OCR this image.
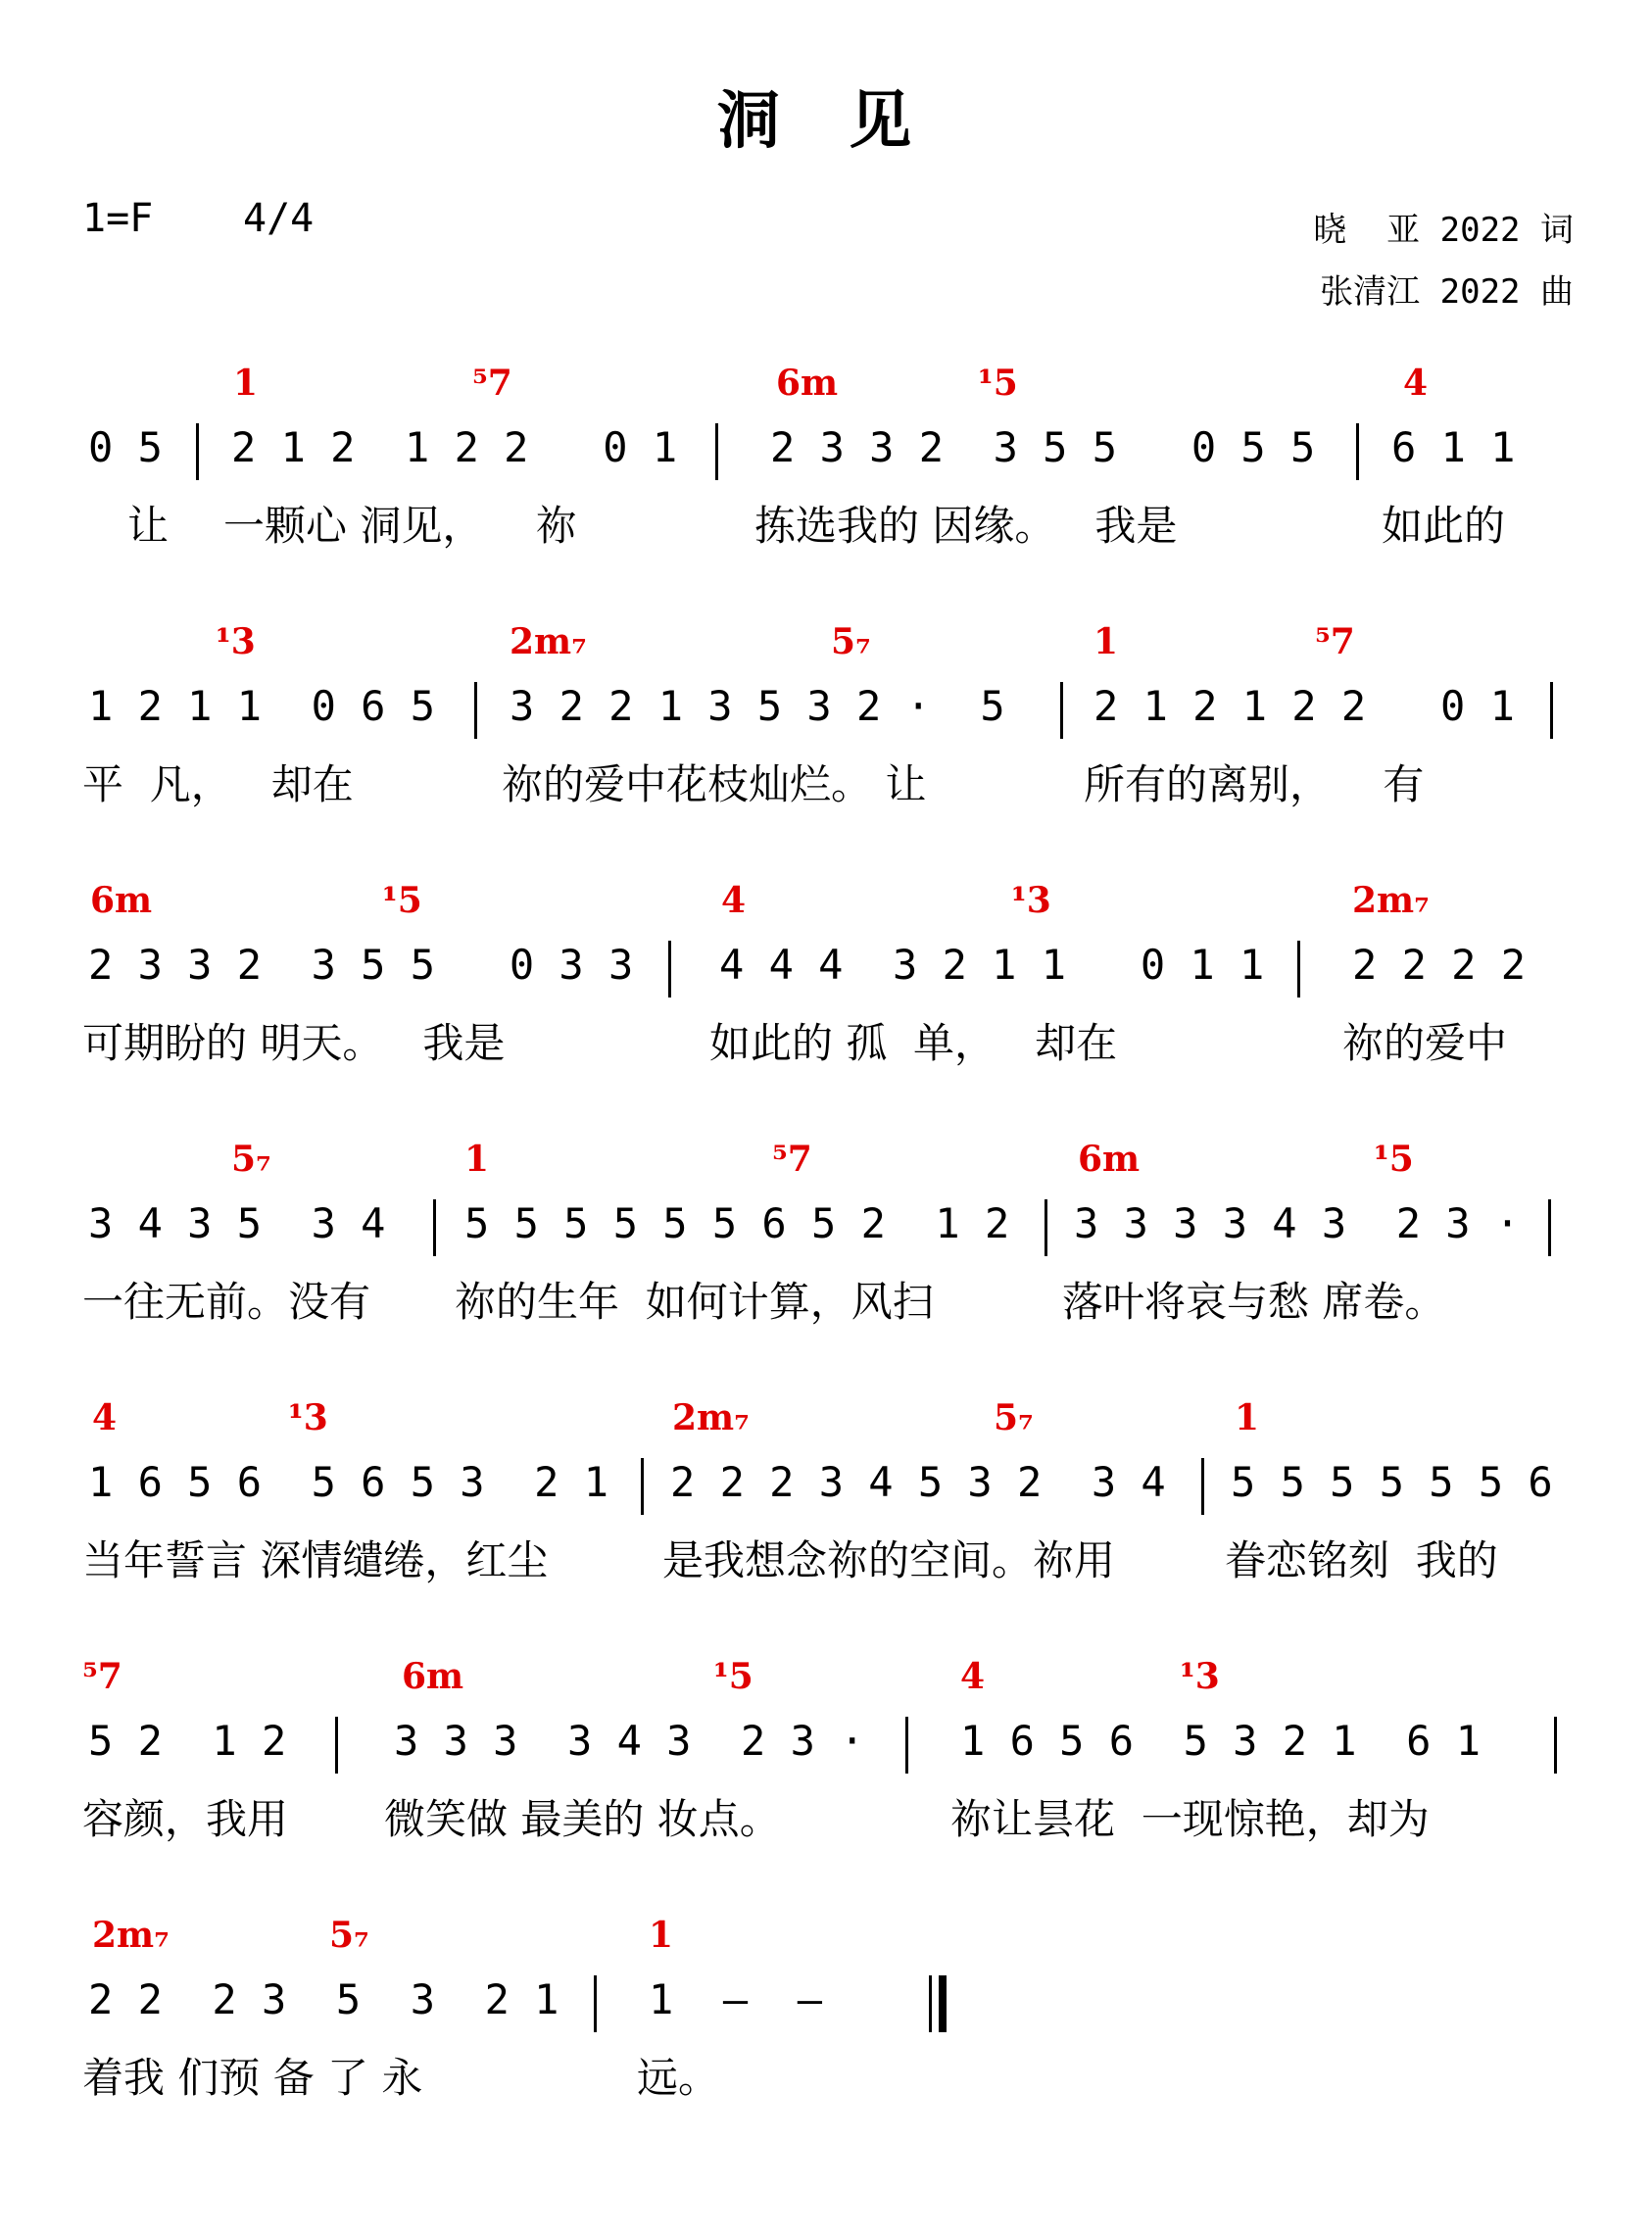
洞 见
1=F 4/4	晓  亚 2022 词
张清江 2022 曲
1	⁵7	6m	¹5	4

0 5

2 1 2  1 2 2   0 1

2 3 3 2  3 5 5   0 5 5

6 1 1

让

一颗心 洞见，    祢

	拣选我的 因缘。   我是

	如此的

¹3	2m₇	5₇	1	⁵7

1 2 1 1  0 6 5

3 2 2 1 3 5 3 2 ·  5

2 1 2 1 2 2   0 1

平  凡，   却在

	祢的爱中花枝灿烂。 让

	所有的离别，    有

6m	¹5	4	¹3	2m₇

2 3 3 2  3 5 5   0 3 3

4 4 4  3 2 1 1   0 1 1

2 2 2 2

可期盼的 明天。   我是

	如此的 孤  单，   却在

	祢的爱中

5₇	1	⁵7	6m	¹5

3 4 3 5  3 4

5 5 5 5 5 5 6 5 2  1 2

3 3 3 3 4 3  2 3 ·

一往无前。没有

祢的生年  如何计算，风扫

	落叶将哀与愁 席卷。

4	¹3	2m₇	5₇	1

1 6 5 6  5 6 5 3  2 1

2 2 2 3 4 5 3 2  3 4

5 5 5 5 5 5 6

当年誓言 深情缱绻，红尘

	是我想念祢的空间。祢用

	眷恋铭刻  我的

⁵7	6m	¹5	4	¹3

5 2  1 2

	3 3 3  3 4 3  2 3 ·

1 6 5 6  5 3 2 1  6 1

容颜，我用

微笑做 最美的 妆点。

	祢让昙花  一现惊艳，却为

2m₇	5₇	1

2 2  2 3  5  3  2 1

1  –  –

着我 们预 备 了 永

	远。
